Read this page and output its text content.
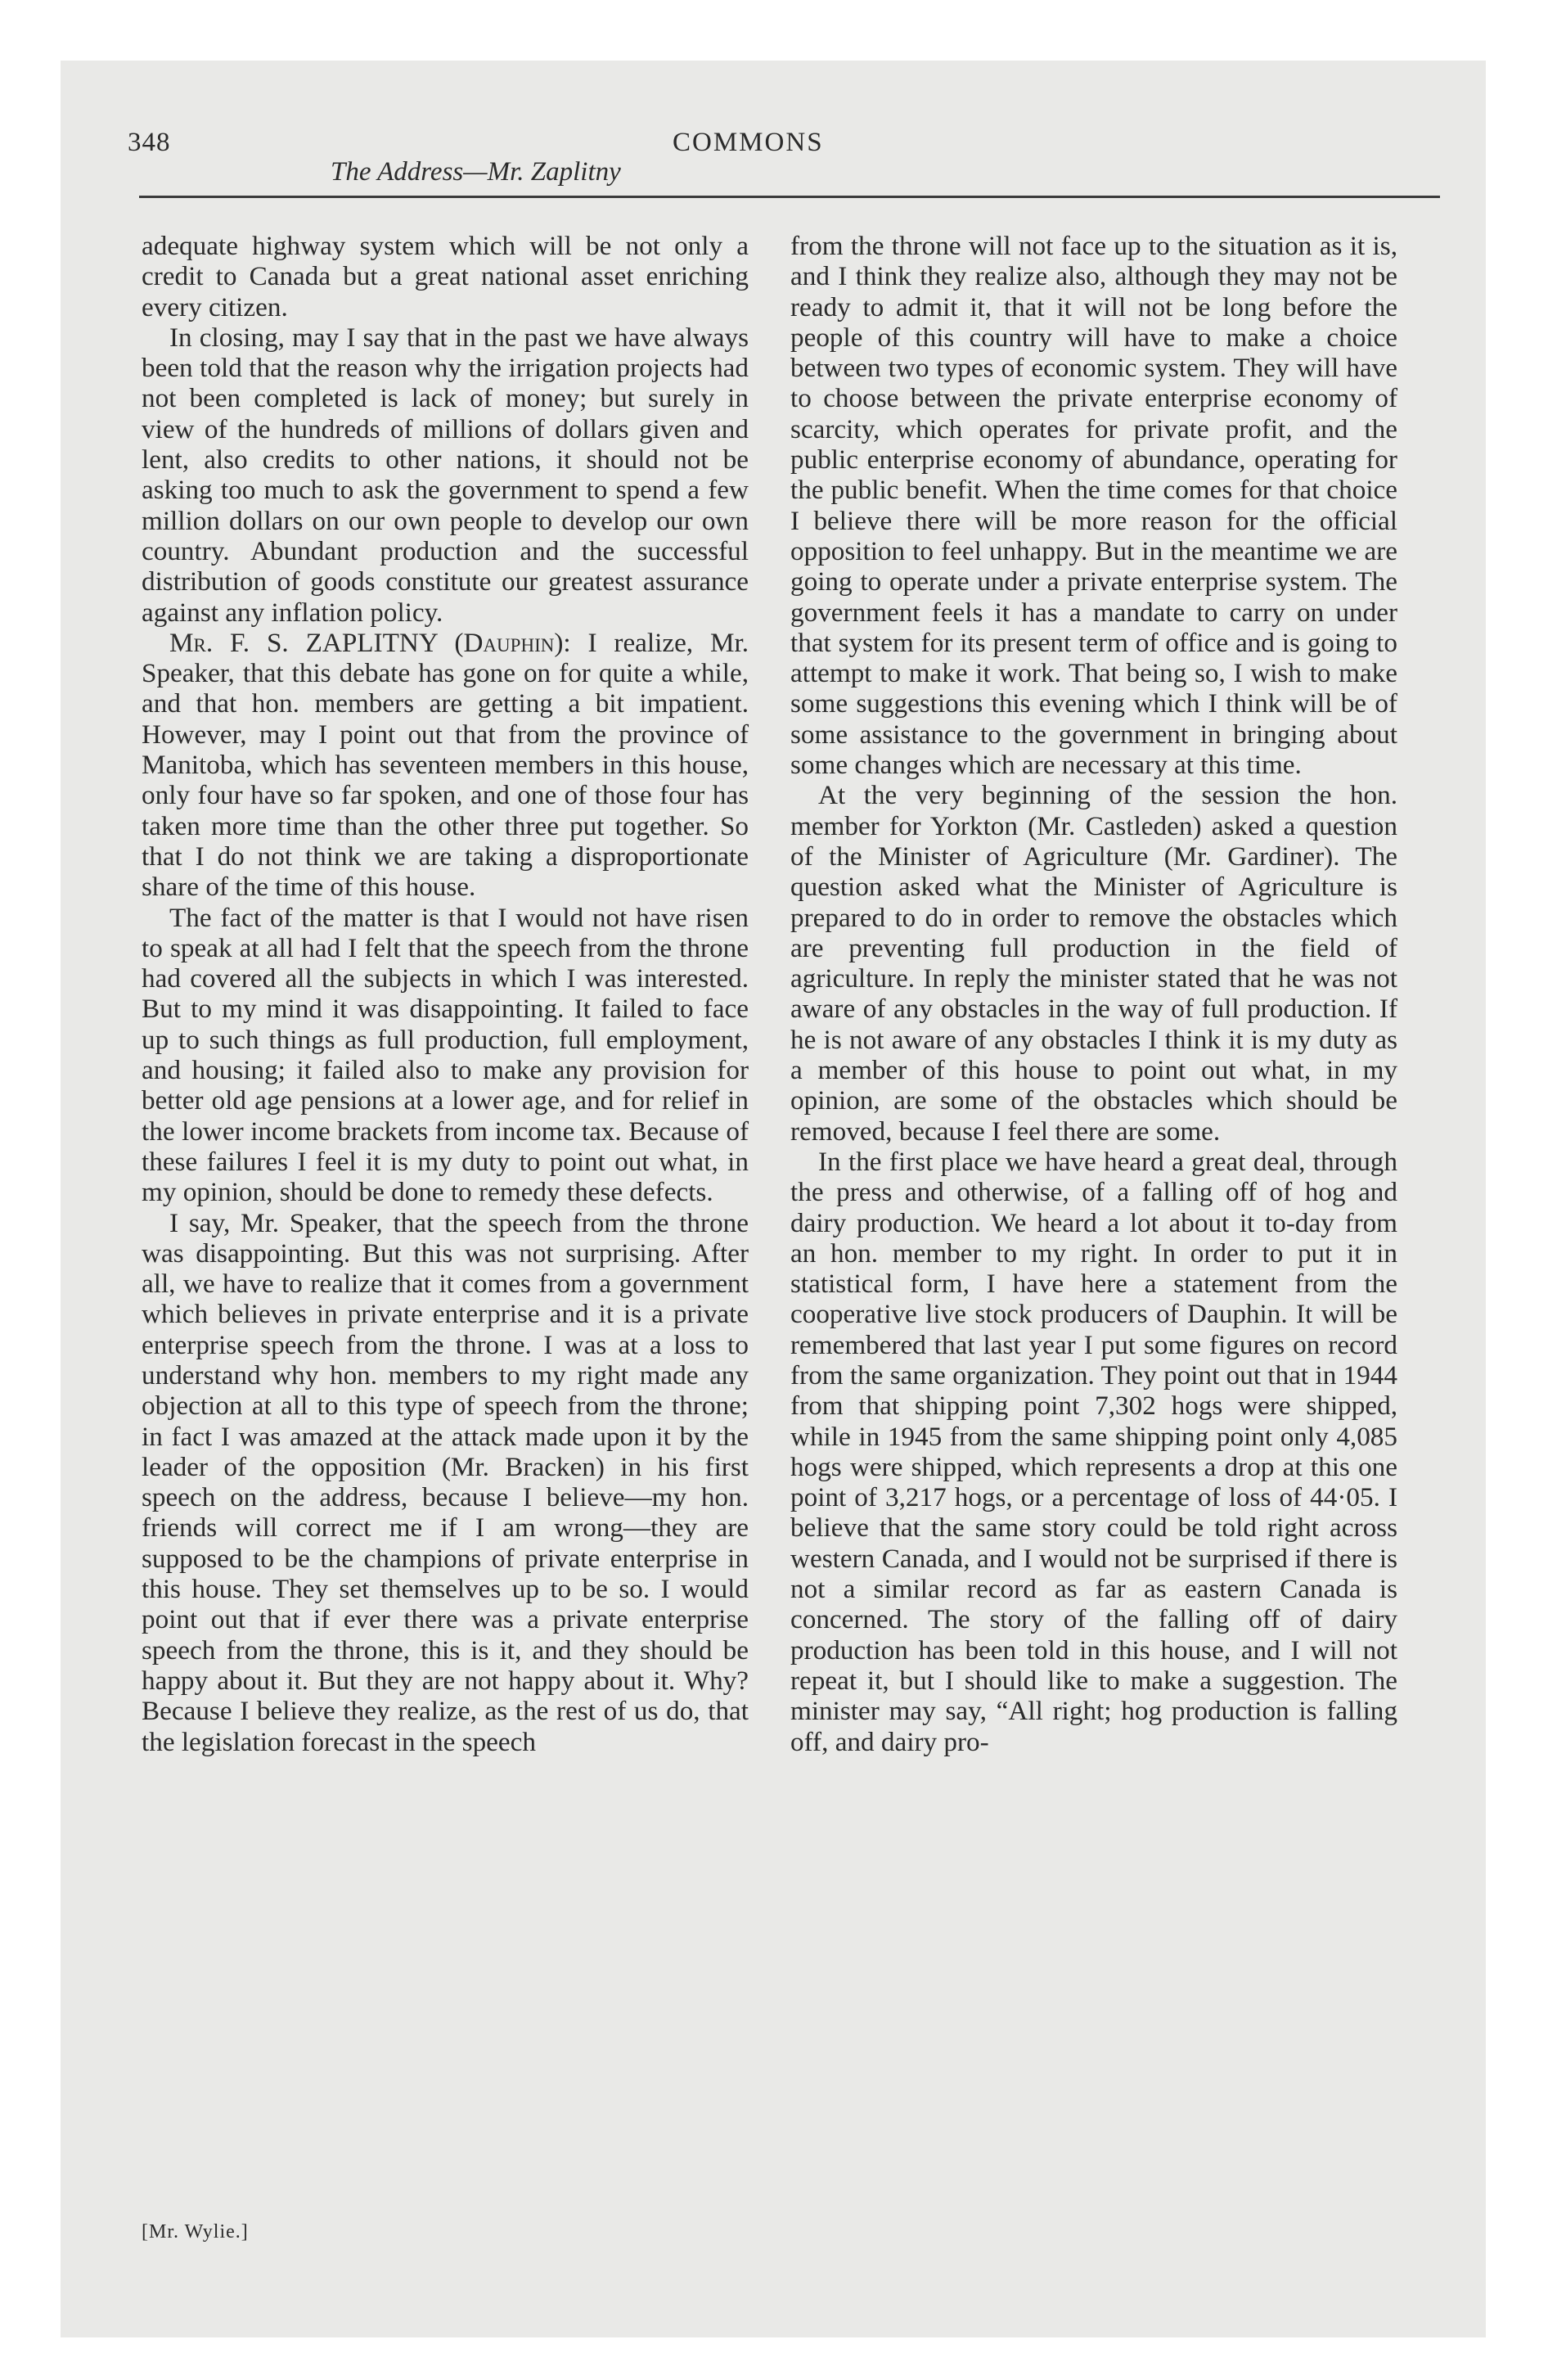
348	COMMONS
The Address—Mr. Zaplitny

adequate highway system which will be not only a credit to Canada but a great national asset enriching every citizen.

In closing, may I say that in the past we have always been told that the reason why the irrigation projects had not been completed is lack of money; but surely in view of the hundreds of millions of dollars given and lent, also credits to other nations, it should not be asking too much to ask the government to spend a few million dollars on our own people to develop our own country. Abundant production and the successful distribution of goods constitute our greatest assurance against any inflation policy.

Mr. F. S. ZAPLITNY (Dauphin): I realize, Mr. Speaker, that this debate has gone on for quite a while, and that hon. members are getting a bit impatient. However, may I point out that from the province of Manitoba, which has seventeen members in this house, only four have so far spoken, and one of those four has taken more time than the other three put together. So that I do not think we are taking a disproportionate share of the time of this house.

The fact of the matter is that I would not have risen to speak at all had I felt that the speech from the throne had covered all the subjects in which I was interested. But to my mind it was disappointing. It failed to face up to such things as full production, full employment, and housing; it failed also to make any provision for better old age pensions at a lower age, and for relief in the lower income brackets from income tax. Because of these failures I feel it is my duty to point out what, in my opinion, should be done to remedy these defects.

I say, Mr. Speaker, that the speech from the throne was disappointing. But this was not surprising. After all, we have to realize that it comes from a government which believes in private enterprise and it is a private enterprise speech from the throne. I was at a loss to understand why hon. members to my right made any objection at all to this type of speech from the throne; in fact I was amazed at the attack made upon it by the leader of the opposition (Mr. Bracken) in his first speech on the address, because I believe—my hon. friends will correct me if I am wrong—they are supposed to be the champions of private enterprise in this house. They set themselves up to be so. I would point out that if ever there was a private enterprise speech from the throne, this is it, and they should be happy about it. But they are not happy about it. Why? Because I believe they realize, as the rest of us do, that the legislation forecast in the speech

from the throne will not face up to the situation as it is, and I think they realize also, although they may not be ready to admit it, that it will not be long before the people of this country will have to make a choice between two types of economic system. They will have to choose between the private enterprise economy of scarcity, which operates for private profit, and the public enterprise economy of abundance, operating for the public benefit. When the time comes for that choice I believe there will be more reason for the official opposition to feel unhappy. But in the meantime we are going to operate under a private enterprise system. The government feels it has a mandate to carry on under that system for its present term of office and is going to attempt to make it work. That being so, I wish to make some suggestions this evening which I think will be of some assistance to the government in bringing about some changes which are necessary at this time.

At the very beginning of the session the hon. member for Yorkton (Mr. Castleden) asked a question of the Minister of Agriculture (Mr. Gardiner). The question asked what the Minister of Agriculture is prepared to do in order to remove the obstacles which are preventing full production in the field of agriculture. In reply the minister stated that he was not aware of any obstacles in the way of full production. If he is not aware of any obstacles I think it is my duty as a member of this house to point out what, in my opinion, are some of the obstacles which should be removed, because I feel there are some.

In the first place we have heard a great deal, through the press and otherwise, of a falling off of hog and dairy production. We heard a lot about it to-day from an hon. member to my right. In order to put it in statistical form, I have here a statement from the cooperative live stock producers of Dauphin. It will be remembered that last year I put some figures on record from the same organization. They point out that in 1944 from that shipping point 7,302 hogs were shipped, while in 1945 from the same shipping point only 4,085 hogs were shipped, which represents a drop at this one point of 3,217 hogs, or a percentage of loss of 44·05. I believe that the same story could be told right across western Canada, and I would not be surprised if there is not a similar record as far as eastern Canada is concerned. The story of the falling off of dairy production has been told in this house, and I will not repeat it, but I should like to make a suggestion. The minister may say, “All right; hog production is falling off, and dairy pro-

[Mr. Wylie.]
